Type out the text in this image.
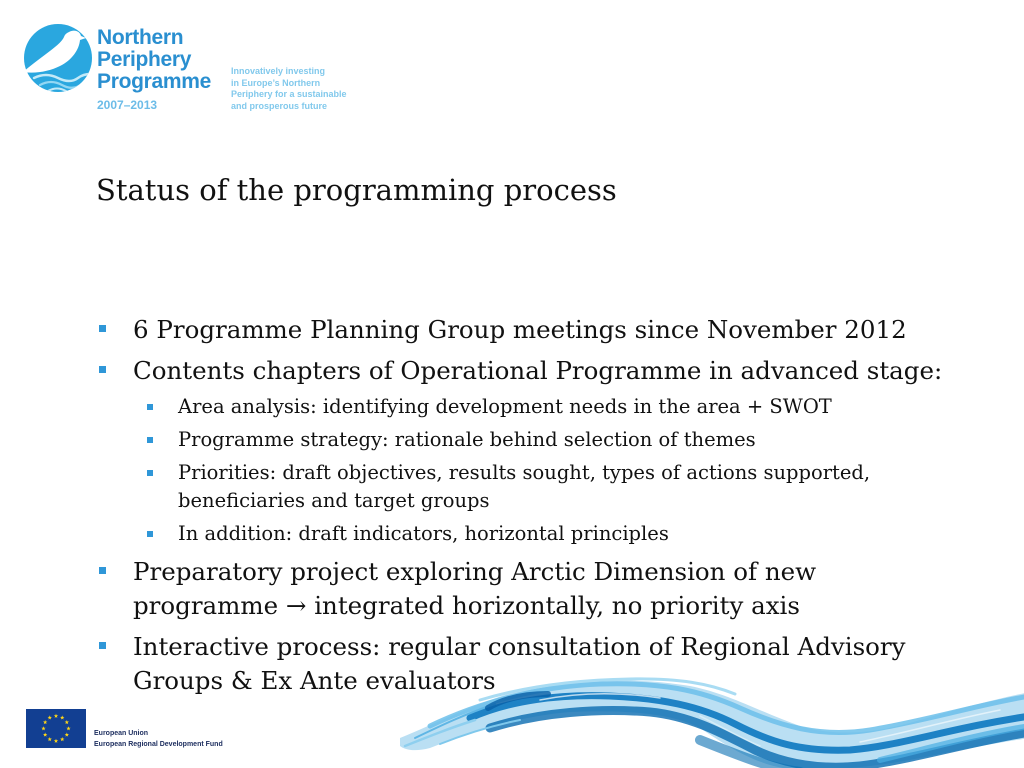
Northern
Periphery
Programme
2007–2013
Innovatively investing
in Europe’s Northern
Periphery for a sustainable
and prosperous future
Status of the programming process
6 Programme Planning Group meetings since November 2012
Contents chapters of Operational Programme in advanced stage:
Area analysis: identifying development needs in the area + SWOT
Programme strategy: rationale behind selection of themes
Priorities: draft objectives, results sought, types of actions supported,
beneficiaries and target groups
In addition: draft indicators, horizontal principles
Preparatory project exploring Arctic Dimension of new
programme → integrated horizontally, no priority axis
Interactive process: regular consultation of Regional Advisory
Groups & Ex Ante evaluators
European Union
European Regional Development Fund
